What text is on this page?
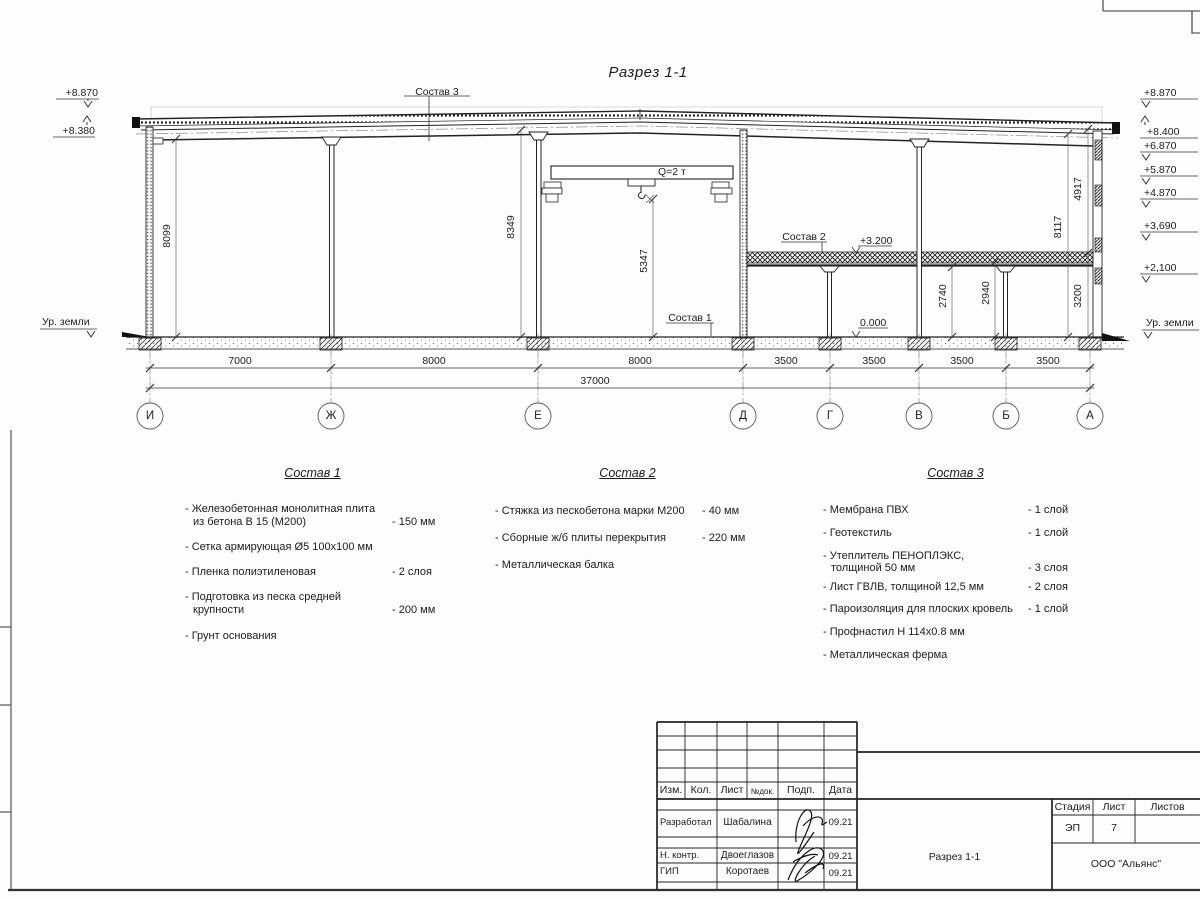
Разрез 1-1
Состав 3
Состав 2
Состав 1
+3.200
0.000
Q=2 т
+8.870
+8.380
Ур. земли
+8.870
+8.400
+6.870
+5.870
+4.870
+3,690
+2,100
Ур. земли
8099	8349
5347
2740	2940	3200
8117
4917
7000	8000	8000	3500	3500	3500	3500
37000
И	Ж	Е	Д	Г	В	Б	А
Состав 1
- Железобетонная монолитная плита
из бетона В 15 (М200)	- 150 мм
- Сетка армирующая Ø5 100х100 мм
- Пленка полиэтиленовая	- 2 слоя
- Подготовка из песка средней
крупности	- 200 мм
- Грунт основания
Состав 2
- Стяжка из пескобетона марки М200 - 40 мм
- Сборные ж/б плиты перекрытия	- 220 мм
- Металлическая балка
Состав 3
- Мембрана ПВХ	- 1 слой
- Геотекстиль	- 1 слой
- Утеплитель ПЕНОПЛЭКС,
толщиной 50 мм	- 3 слоя
- Лист ГВЛВ, толщиной 12,5 мм	- 2 слоя
- Пароизоляция для плоских кровель - 1 слой
- Профнастил Н 114х0.8 мм
- Металлическая ферма
Изм. Кол. Лист №док.	Подп.	Дата
Разработал	Шабалина	09.21
Н. контр.	Двоеглазов	09.21
ГИП	Коротаев	09.21
Стадия	Лист	Листов
ЭП	7
Разрез 1-1
ООО "Альянс"
